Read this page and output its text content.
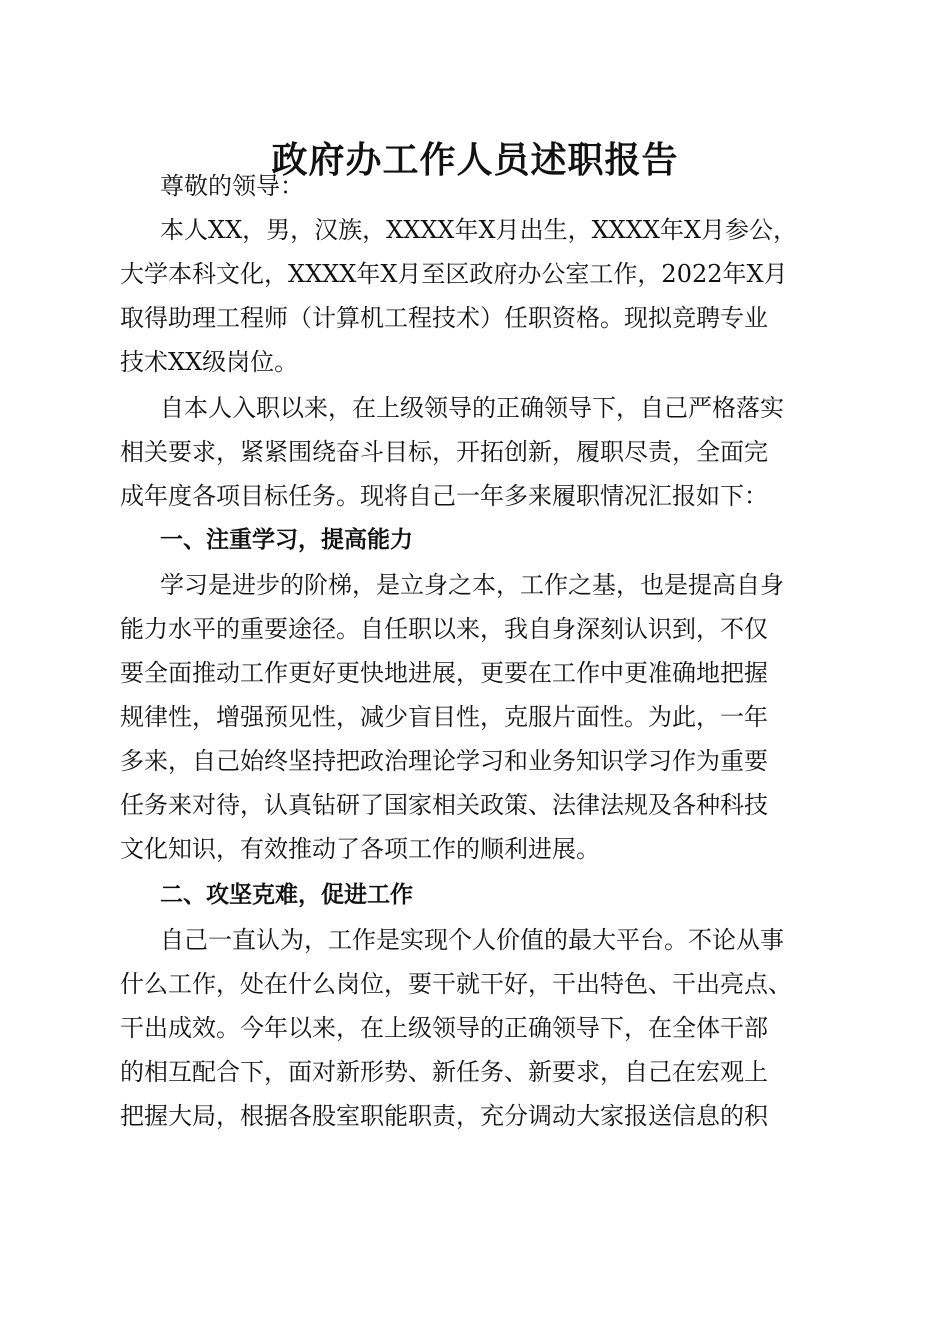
政府办工作人员述职报告

尊敬的领导：

本人XX，男，汉族，XXXX年X月出生，XXXX年X月参公，

大学本科文化，XXXX年X月至区政府办公室工作，2022年X月

取得助理工程师（计算机工程技术）任职资格。现拟竞聘专业

技术XX级岗位。

自本人入职以来，在上级领导的正确领导下，自己严格落实

相关要求，紧紧围绕奋斗目标，开拓创新，履职尽责，全面完

成年度各项目标任务。现将自己一年多来履职情况汇报如下：

一、注重学习，提高能力

学习是进步的阶梯，是立身之本，工作之基，也是提高自身

能力水平的重要途径。自任职以来，我自身深刻认识到，不仅

要全面推动工作更好更快地进展，更要在工作中更准确地把握

规律性，增强预见性，减少盲目性，克服片面性。为此，一年

多来，自己始终坚持把政治理论学习和业务知识学习作为重要

任务来对待，认真钻研了国家相关政策、法律法规及各种科技

文化知识，有效推动了各项工作的顺利进展。

二、攻坚克难，促进工作

自己一直认为，工作是实现个人价值的最大平台。不论从事

什么工作，处在什么岗位，要干就干好，干出特色、干出亮点、

干出成效。今年以来，在上级领导的正确领导下，在全体干部

的相互配合下，面对新形势、新任务、新要求，自己在宏观上

把握大局，根据各股室职能职责，充分调动大家报送信息的积
